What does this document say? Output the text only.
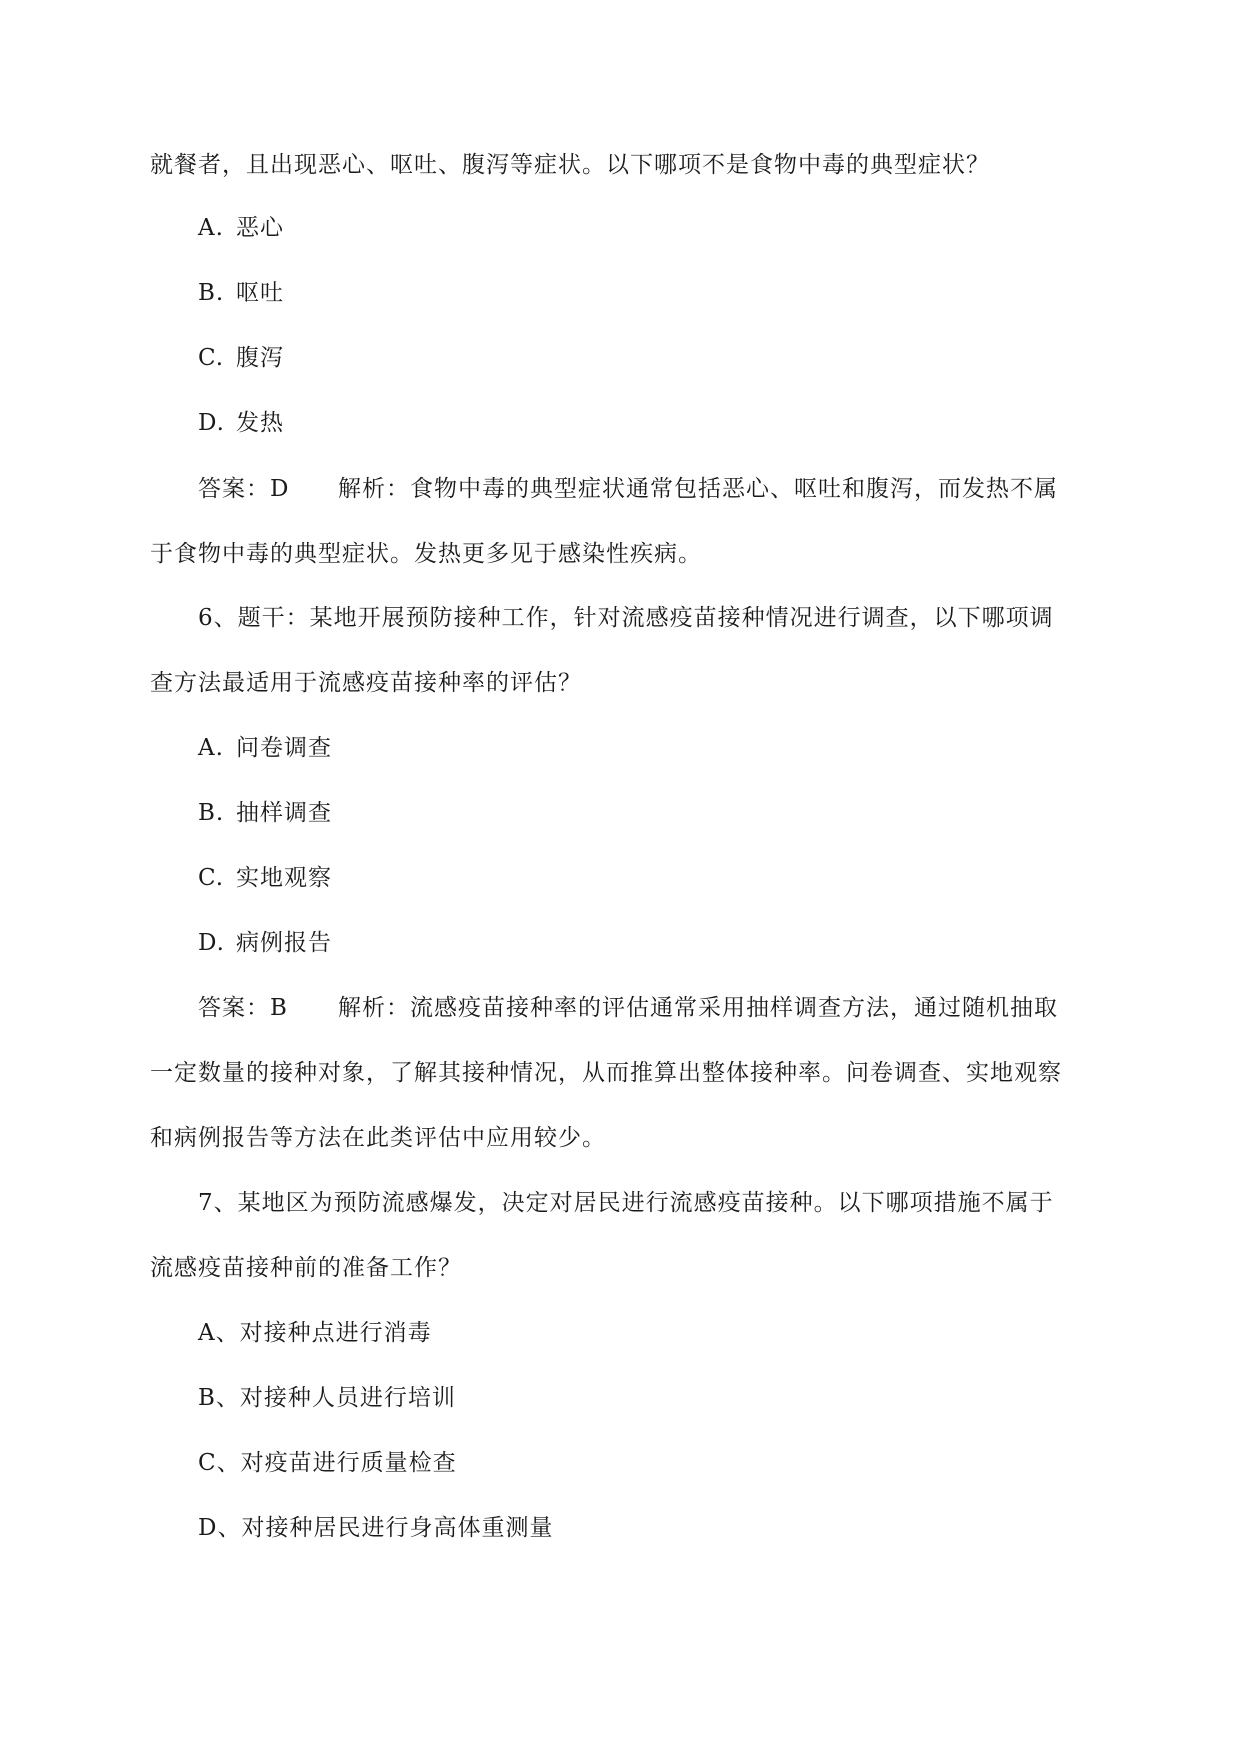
就餐者，且出现恶心、呕吐、腹泻等症状。以下哪项不是食物中毒的典型症状？
A. 恶心
B. 呕吐
C. 腹泻
D. 发热
答案：D 解析：食物中毒的典型症状通常包括恶心、呕吐和腹泻，而发热不属
于食物中毒的典型症状。发热更多见于感染性疾病。
6、题干：某地开展预防接种工作，针对流感疫苗接种情况进行调查，以下哪项调
查方法最适用于流感疫苗接种率的评估？
A. 问卷调查
B. 抽样调查
C. 实地观察
D. 病例报告
答案：B 解析：流感疫苗接种率的评估通常采用抽样调查方法，通过随机抽取
一定数量的接种对象，了解其接种情况，从而推算出整体接种率。问卷调查、实地观察
和病例报告等方法在此类评估中应用较少。
7、某地区为预防流感爆发，决定对居民进行流感疫苗接种。以下哪项措施不属于
流感疫苗接种前的准备工作？
A、对接种点进行消毒
B、对接种人员进行培训
C、对疫苗进行质量检查
D、对接种居民进行身高体重测量
